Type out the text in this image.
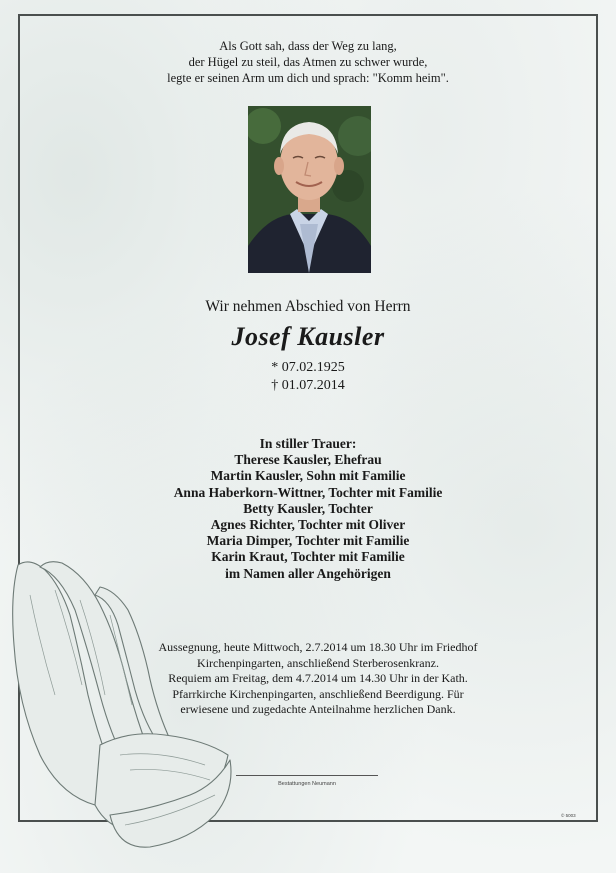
Als Gott sah, dass der Weg zu lang,
der Hügel zu steil, das Atmen zu schwer wurde,
legte er seinen Arm um dich und sprach: "Komm heim".
Wir nehmen Abschied von Herrn
Josef Kausler
* 07.02.1925
† 01.07.2014
In stiller Trauer:
Therese Kausler, Ehefrau
Martin Kausler, Sohn mit Familie
Anna Haberkorn-Wittner, Tochter mit Familie
Betty Kausler, Tochter
Agnes Richter, Tochter mit Oliver
Maria Dimper, Tochter mit Familie
Karin Kraut, Tochter mit Familie
im Namen aller Angehörigen
Aussegnung, heute Mittwoch, 2.7.2014 um 18.30 Uhr im Friedhof
Kirchenpingarten, anschließend Sterberosenkranz.
Requiem am Freitag, dem 4.7.2014 um 14.30 Uhr in der Kath.
Pfarrkirche Kirchenpingarten, anschließend Beerdigung. Für
erwiesene und zugedachte Anteilnahme herzlichen Dank.
Bestattungen Neumann
© 5003
